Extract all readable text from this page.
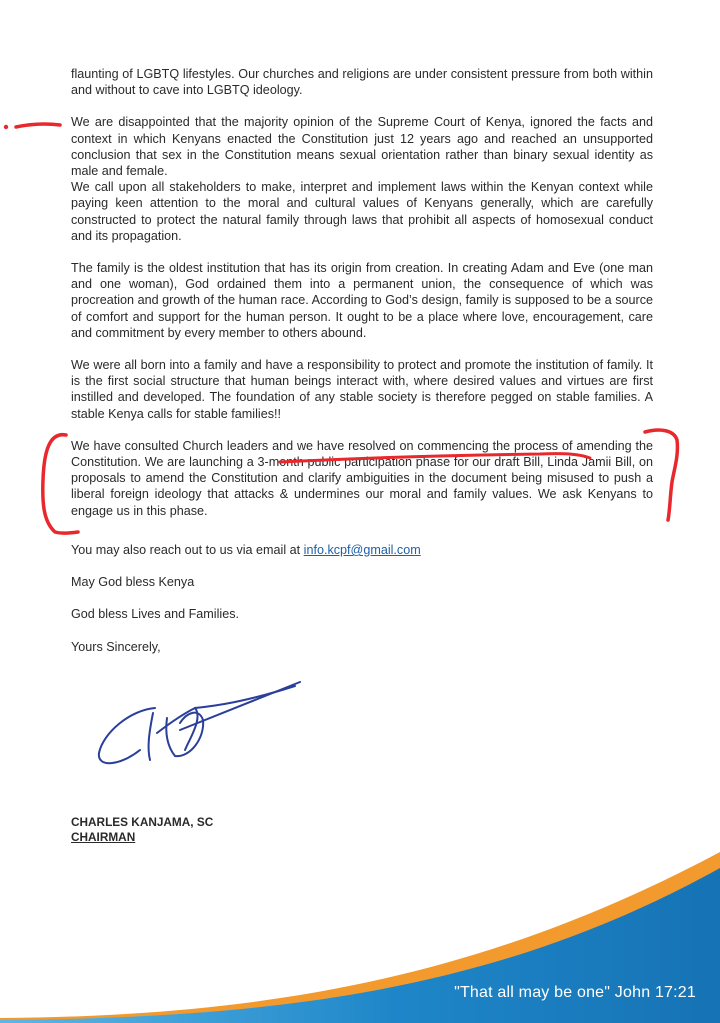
flaunting of LGBTQ lifestyles. Our churches and religions are under consistent pressure from both within and without to cave into LGBTQ ideology.

We are disappointed that the majority opinion of the Supreme Court of Kenya, ignored the facts and context in which Kenyans enacted the Constitution just 12 years ago and reached an unsupported conclusion that sex in the Constitution means sexual orientation rather than binary sexual identity as male and female.

We call upon all stakeholders to make, interpret and implement laws within the Kenyan context while paying keen attention to the moral and cultural values of Kenyans generally, which are carefully constructed to protect the natural family through laws that prohibit all aspects of homosexual conduct and its propagation.

The family is the oldest institution that has its origin from creation. In creating Adam and Eve (one man and one woman), God ordained them into a permanent union, the consequence of which was procreation and growth of the human race. According to God’s design, family is supposed to be a source of comfort and support for the human person. It ought to be a place where love, encouragement, care and commitment by every member to others abound.

We were all born into a family and have a responsibility to protect and promote the institution of family. It is the first social structure that human beings interact with, where desired values and virtues are first instilled and developed. The foundation of any stable society is therefore pegged on stable families. A stable Kenya calls for stable families!!

We have consulted Church leaders and we have resolved on commencing the process of amending the Constitution. We are launching a 3-month public participation phase for our draft Bill, Linda Jamii Bill, on proposals to amend the Constitution and clarify ambiguities in the document being misused to push a liberal foreign ideology that attacks & undermines our moral and family values. We ask Kenyans to engage us in this phase.

You may also reach out to us via email at info.kcpf@gmail.com
May God bless Kenya
God bless Lives and Families.
Yours Sincerely,
CHARLES KANJAMA, SC
CHAIRMAN
"That all may be one" John 17:21
